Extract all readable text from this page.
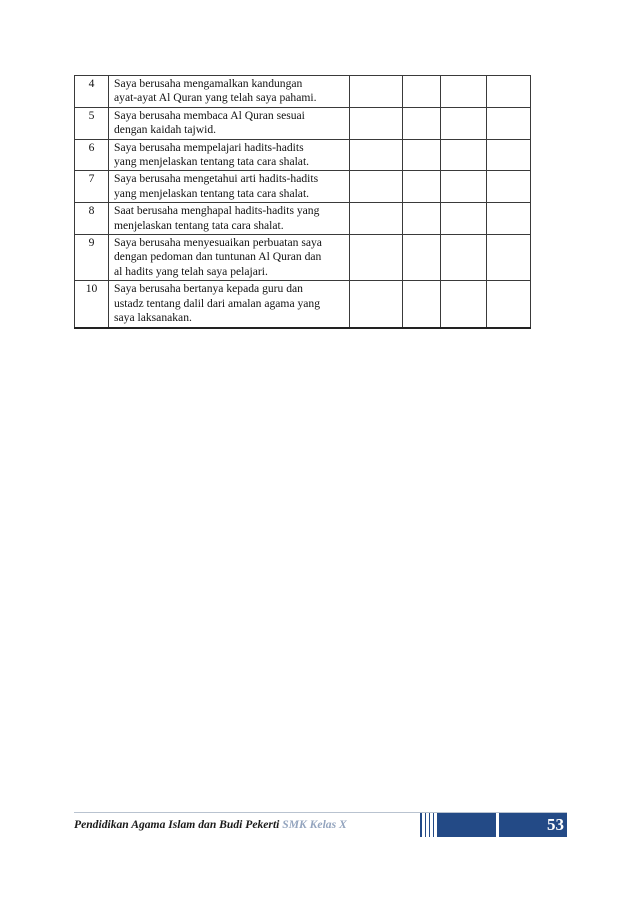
4	Saya berusaha mengamalkan kandungan
ayat-ayat Al Quran yang telah saya pahami.				

5	Saya berusaha membaca Al Quran sesuai
dengan kaidah tajwid.				

6	Saya berusaha mempelajari hadits-hadits
yang menjelaskan tentang tata cara shalat.				

7	Saya berusaha mengetahui arti hadits-hadits
yang menjelaskan tentang tata cara shalat.				

8	Saat berusaha menghapal hadits-hadits yang
menjelaskan tentang tata cara shalat.				

9	Saya berusaha menyesuaikan perbuatan saya
dengan pedoman dan tuntunan Al Quran dan
al hadits yang telah saya pelajari.				

10	Saya berusaha bertanya kepada guru dan
ustadz tentang dalil dari amalan agama yang
saya laksanakan.				

Pendidikan Agama Islam dan Budi Pekerti SMK Kelas X	53
